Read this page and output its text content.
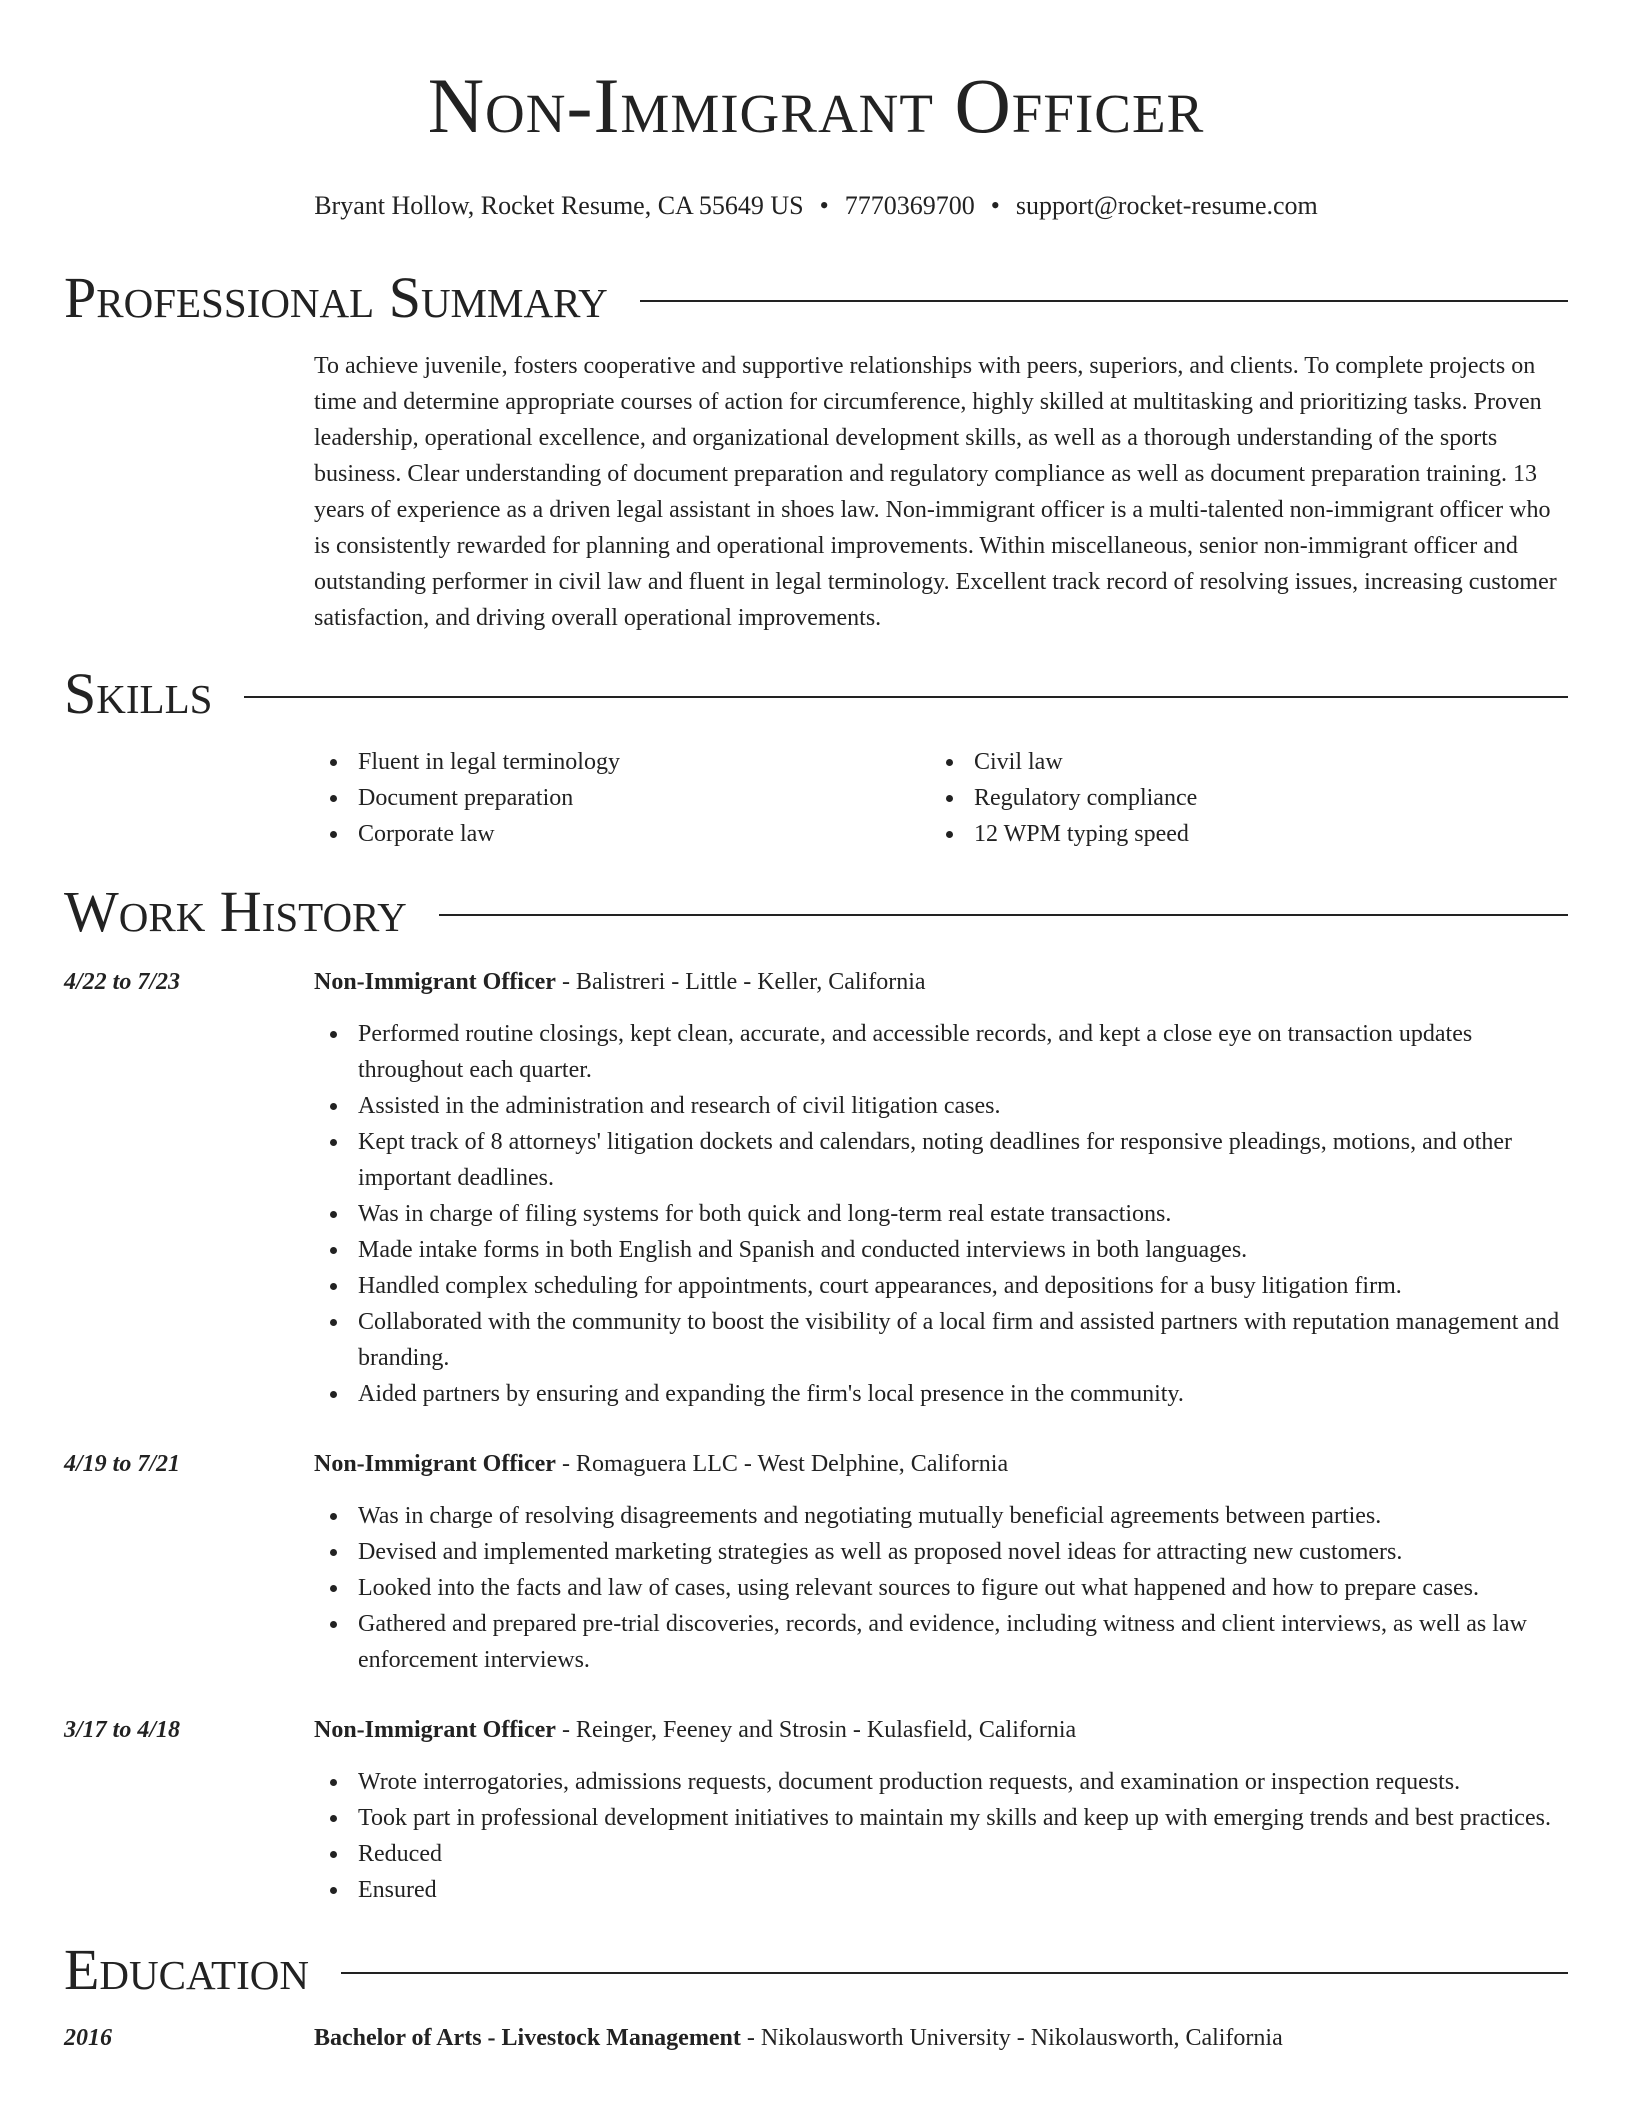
Non-Immigrant Officer
Bryant Hollow, Rocket Resume, CA 55649 US • 7770369700 • support@rocket-resume.com
Professional Summary

To achieve juvenile, fosters cooperative and supportive relationships with peers, superiors, and clients. To complete projects on time and determine appropriate courses of action for circumference, highly skilled at multitasking and prioritizing tasks. Proven leadership, operational excellence, and organizational development skills, as well as a thorough understanding of the sports business. Clear understanding of document preparation and regulatory compliance as well as document preparation training. 13 years of experience as a driven legal assistant in shoes law. Non-immigrant officer is a multi-talented non-immigrant officer who is consistently rewarded for planning and operational improvements. Within miscellaneous, senior non-immigrant officer and outstanding performer in civil law and fluent in legal terminology. Excellent track record of resolving issues, increasing customer satisfaction, and driving overall operational improvements.

Skills
Fluent in legal terminology
Document preparation
Corporate law
Civil law
Regulatory compliance
12 WPM typing speed
Work History
4/22 to 7/23	Non-Immigrant Officer - Balistreri - Little - Keller, California
Performed routine closings, kept clean, accurate, and accessible records, and kept a close eye on transaction updates throughout each quarter.
Assisted in the administration and research of civil litigation cases.
Kept track of 8 attorneys' litigation dockets and calendars, noting deadlines for responsive pleadings, motions, and other important deadlines.
Was in charge of filing systems for both quick and long-term real estate transactions.
Made intake forms in both English and Spanish and conducted interviews in both languages.
Handled complex scheduling for appointments, court appearances, and depositions for a busy litigation firm.
Collaborated with the community to boost the visibility of a local firm and assisted partners with reputation management and branding.
Aided partners by ensuring and expanding the firm's local presence in the community.
4/19 to 7/21	Non-Immigrant Officer - Romaguera LLC - West Delphine, California
Was in charge of resolving disagreements and negotiating mutually beneficial agreements between parties.
Devised and implemented marketing strategies as well as proposed novel ideas for attracting new customers.
Looked into the facts and law of cases, using relevant sources to figure out what happened and how to prepare cases.
Gathered and prepared pre-trial discoveries, records, and evidence, including witness and client interviews, as well as law enforcement interviews.
3/17 to 4/18	Non-Immigrant Officer - Reinger, Feeney and Strosin - Kulasfield, California
Wrote interrogatories, admissions requests, document production requests, and examination or inspection requests.
Took part in professional development initiatives to maintain my skills and keep up with emerging trends and best practices.
Reduced
Ensured
Education
2016	Bachelor of Arts - Livestock Management - Nikolausworth University - Nikolausworth, California
